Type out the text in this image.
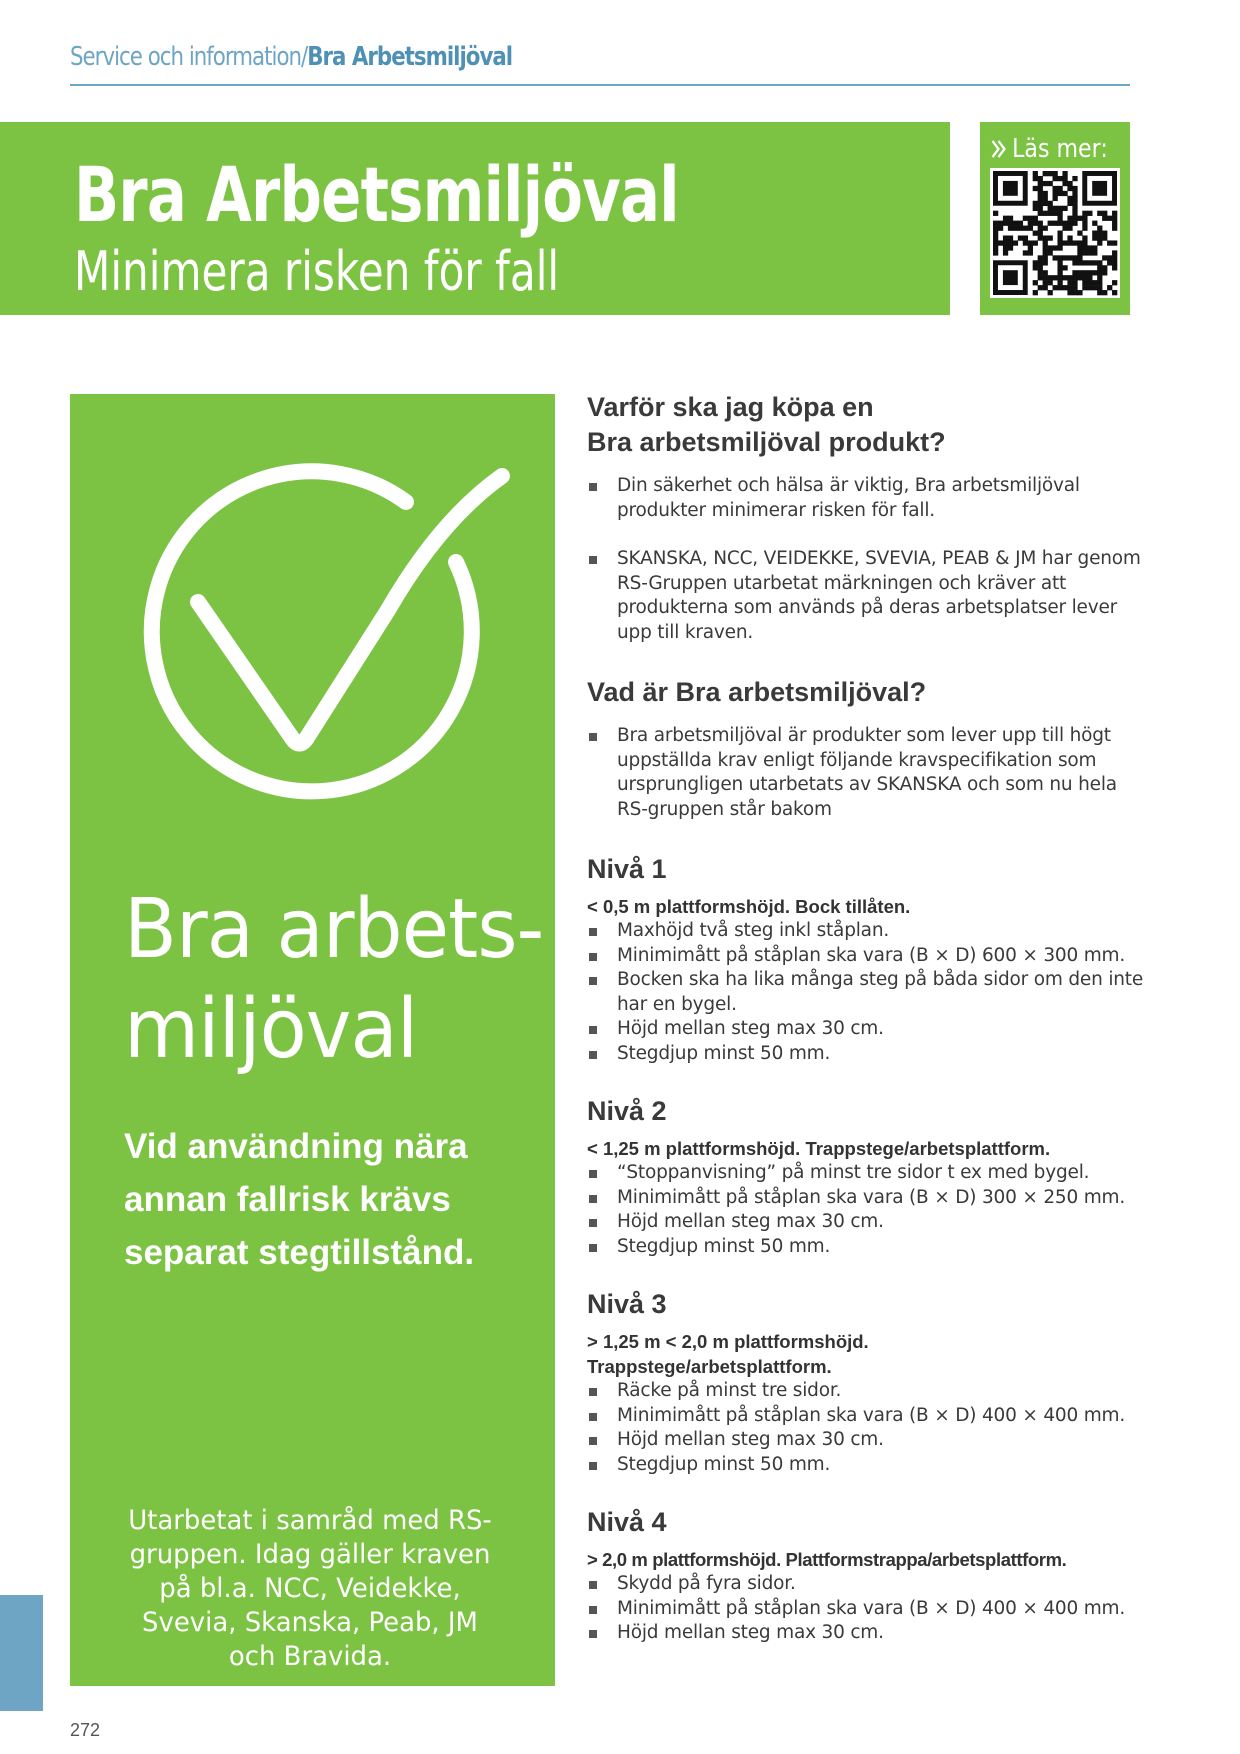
Service och information/Bra Arbetsmiljöval
Bra Arbetsmiljöval
Minimera risken för fall
Läs mer:
Bra arbets-
miljöval
Vid användning nära annan fallrisk krävs separat stegtillstånd.
Utarbetat i samråd med RS-gruppen. Idag gäller kraven på bl.a. NCC, Veidekke, Svevia, Skanska, Peab, JM och Bravida.
272

Varför ska jag köpa en

Bra arbetsmiljöval produkt?

Din säkerhet och hälsa är viktig, Bra arbetsmiljöval produkter minimerar risken för fall.
SKANSKA, NCC, VEIDEKKE, SVEVIA, PEAB & JM har genom RS-Gruppen utarbetat märkningen och kräver att produkterna som används på deras arbetsplatser lever upp till kraven.

Vad är Bra arbetsmiljöval?

Bra arbetsmiljöval är produkter som lever upp till högt uppställda krav enligt följande kravspecifikation som ursprungligen utarbetats av SKANSKA och som nu hela RS-gruppen står bakom

Nivå 1

< 0,5 m plattformshöjd. Bock tillåten.

Maxhöjd två steg inkl ståplan.
Minimimått på ståplan ska vara (B × D) 600 × 300 mm.
Bocken ska ha lika många steg på båda sidor om den inte har en bygel.
Höjd mellan steg max 30 cm.
Stegdjup minst 50 mm.

Nivå 2

< 1,25 m plattformshöjd. Trappstege/arbetsplattform.

“Stoppanvisning” på minst tre sidor t ex med bygel.
Minimimått på ståplan ska vara (B × D) 300 × 250 mm.
Höjd mellan steg max 30 cm.
Stegdjup minst 50 mm.

Nivå 3

> 1,25 m < 2,0 m plattformshöjd. Trappstege/arbetsplattform.

Räcke på minst tre sidor.
Minimimått på ståplan ska vara (B × D) 400 × 400 mm.
Höjd mellan steg max 30 cm.
Stegdjup minst 50 mm.

Nivå 4

> 2,0 m plattformshöjd. Plattformstrappa/arbetsplattform.

Skydd på fyra sidor.
Minimimått på ståplan ska vara (B × D) 400 × 400 mm.
Höjd mellan steg max 30 cm.
